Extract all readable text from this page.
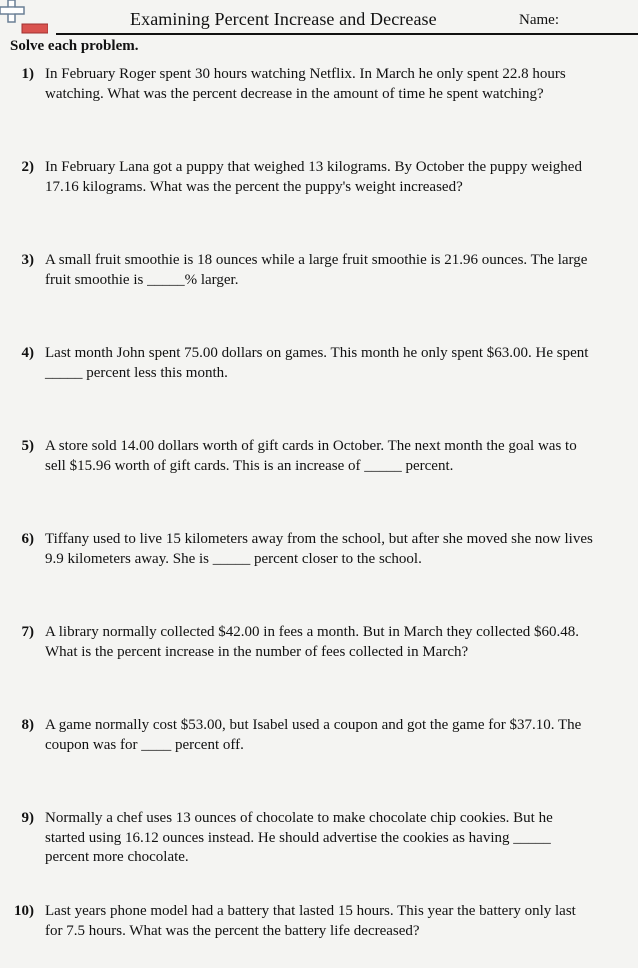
Examining Percent Increase and Decrease	Name:
Solve each problem.
1) In February Roger spent 30 hours watching Netflix. In March he only spent 22.8 hours
watching. What was the percent decrease in the amount of time he spent watching?
2) In February Lana got a puppy that weighed 13 kilograms. By October the puppy weighed
17.16 kilograms. What was the percent the puppy's weight increased?
3) A small fruit smoothie is 18 ounces while a large fruit smoothie is 21.96 ounces. The large
fruit smoothie is _____% larger.
4) Last month John spent 75.00 dollars on games. This month he only spent $63.00. He spent
_____ percent less this month.
5) A store sold 14.00 dollars worth of gift cards in October. The next month the goal was to
sell $15.96 worth of gift cards. This is an increase of _____ percent.
6) Tiffany used to live 15 kilometers away from the school, but after she moved she now lives
9.9 kilometers away. She is _____ percent closer to the school.
7) A library normally collected $42.00 in fees a month. But in March they collected $60.48.
What is the percent increase in the number of fees collected in March?
8) A game normally cost $53.00, but Isabel used a coupon and got the game for $37.10. The
coupon was for ____ percent off.
9) Normally a chef uses 13 ounces of chocolate to make chocolate chip cookies. But he
started using 16.12 ounces instead. He should advertise the cookies as having _____
percent more chocolate.
10) Last years phone model had a battery that lasted 15 hours. This year the battery only last
for 7.5 hours. What was the percent the battery life decreased?
